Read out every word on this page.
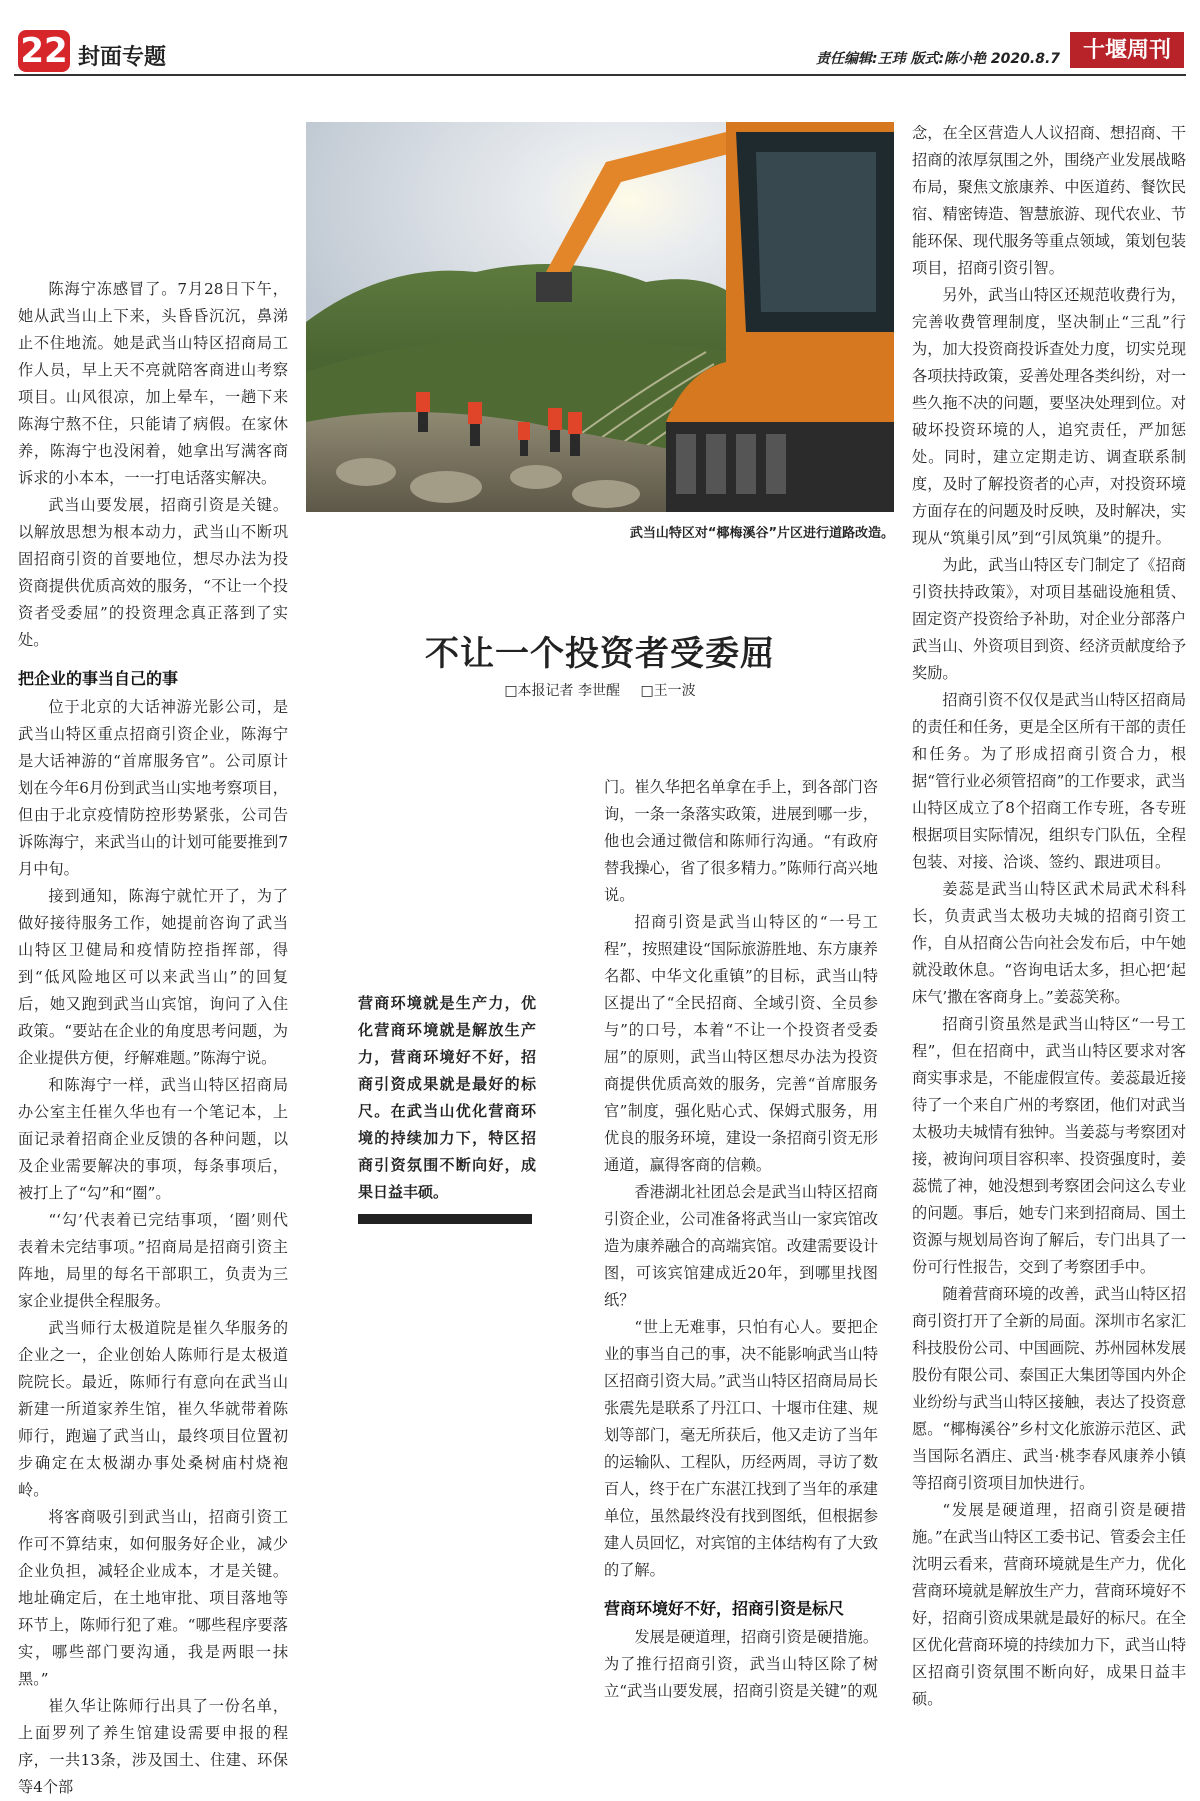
22 封面专题	责任编辑:王玮 版式:陈小艳 2020.8.7	十堰周刊

陈海宁冻感冒了。7月28日下午，她从武当山上下来，头昏昏沉沉，鼻涕止不住地流。她是武当山特区招商局工作人员，早上天不亮就陪客商进山考察项目。山风很凉，加上晕车，一趟下来陈海宁熬不住，只能请了病假。在家休养，陈海宁也没闲着，她拿出写满客商诉求的小本本，一一打电话落实解决。

武当山要发展，招商引资是关键。以解放思想为根本动力，武当山不断巩固招商引资的首要地位，想尽办法为投资商提供优质高效的服务，“不让一个投资者受委屈”的投资理念真正落到了实处。

把企业的事当自己的事

位于北京的大话神游光影公司，是武当山特区重点招商引资企业，陈海宁是大话神游的“首席服务官”。公司原计划在今年6月份到武当山实地考察项目，但由于北京疫情防控形势紧张，公司告诉陈海宁，来武当山的计划可能要推到7月中旬。

接到通知，陈海宁就忙开了，为了做好接待服务工作，她提前咨询了武当山特区卫健局和疫情防控指挥部，得到“低风险地区可以来武当山”的回复后，她又跑到武当山宾馆，询问了入住政策。“要站在企业的角度思考问题，为企业提供方便，纾解难题。”陈海宁说。

和陈海宁一样，武当山特区招商局办公室主任崔久华也有一个笔记本，上面记录着招商企业反馈的各种问题，以及企业需要解决的事项，每条事项后，被打上了“勾”和“圈”。

“‘勾’代表着已完结事项，‘圈’则代表着未完结事项。”招商局是招商引资主阵地，局里的每名干部职工，负责为三家企业提供全程服务。

武当师行太极道院是崔久华服务的企业之一，企业创始人陈师行是太极道院院长。最近，陈师行有意向在武当山新建一所道家养生馆，崔久华就带着陈师行，跑遍了武当山，最终项目位置初步确定在太极湖办事处桑树庙村烧袍岭。

将客商吸引到武当山，招商引资工作可不算结束，如何服务好企业，减少企业负担，减轻企业成本，才是关键。地址确定后，在土地审批、项目落地等环节上，陈师行犯了难。“哪些程序要落实，哪些部门要沟通，我是两眼一抹黑。”

崔久华让陈师行出具了一份名单，上面罗列了养生馆建设需要申报的程序，一共13条，涉及国土、住建、环保等4个部

武当山特区对“椰梅溪谷”片区进行道路改造。
不让一个投资者受委屈
□本报记者 李世醒 □王一波
营商环境就是生产力，优化营商环境就是解放生产力，营商环境好不好，招商引资成果就是最好的标尺。在武当山优化营商环境的持续加力下，特区招商引资氛围不断向好，成果日益丰硕。

门。崔久华把名单拿在手上，到各部门咨询，一条一条落实政策，进展到哪一步，他也会通过微信和陈师行沟通。“有政府替我操心，省了很多精力。”陈师行高兴地说。

招商引资是武当山特区的“一号工程”，按照建设“国际旅游胜地、东方康养名都、中华文化重镇”的目标，武当山特区提出了“全民招商、全域引资、全员参与”的口号，本着“不让一个投资者受委屈”的原则，武当山特区想尽办法为投资商提供优质高效的服务，完善“首席服务官”制度，强化贴心式、保姆式服务，用优良的服务环境，建设一条招商引资无形通道，赢得客商的信赖。

香港湖北社团总会是武当山特区招商引资企业，公司准备将武当山一家宾馆改造为康养融合的高端宾馆。改建需要设计图，可该宾馆建成近20年，到哪里找图纸？

“世上无难事，只怕有心人。要把企业的事当自己的事，决不能影响武当山特区招商引资大局。”武当山特区招商局局长张震先是联系了丹江口、十堰市住建、规划等部门，毫无所获后，他又走访了当年的运输队、工程队，历经两周，寻访了数百人，终于在广东湛江找到了当年的承建单位，虽然最终没有找到图纸，但根据参建人员回忆，对宾馆的主体结构有了大致的了解。

营商环境好不好，招商引资是标尺

发展是硬道理，招商引资是硬措施。为了推行招商引资，武当山特区除了树立“武当山要发展，招商引资是关键”的观

念，在全区营造人人议招商、想招商、干招商的浓厚氛围之外，围绕产业发展战略布局，聚焦文旅康养、中医道药、餐饮民宿、精密铸造、智慧旅游、现代农业、节能环保、现代服务等重点领域，策划包装项目，招商引资引智。

另外，武当山特区还规范收费行为，完善收费管理制度，坚决制止“三乱”行为，加大投资商投诉查处力度，切实兑现各项扶持政策，妥善处理各类纠纷，对一些久拖不决的问题，要坚决处理到位。对破坏投资环境的人，追究责任，严加惩处。同时，建立定期走访、调查联系制度，及时了解投资者的心声，对投资环境方面存在的问题及时反映，及时解决，实现从“筑巢引凤”到“引凤筑巢”的提升。

为此，武当山特区专门制定了《招商引资扶持政策》，对项目基础设施租赁、固定资产投资给予补助，对企业分部落户武当山、外资项目到资、经济贡献度给予奖励。

招商引资不仅仅是武当山特区招商局的责任和任务，更是全区所有干部的责任和任务。为了形成招商引资合力，根据“管行业必须管招商”的工作要求，武当山特区成立了8个招商工作专班，各专班根据项目实际情况，组织专门队伍，全程包装、对接、洽谈、签约、跟进项目。

姜蕊是武当山特区武术局武术科科长，负责武当太极功夫城的招商引资工作，自从招商公告向社会发布后，中午她就没敢休息。“咨询电话太多，担心把‘起床气’撒在客商身上。”姜蕊笑称。

招商引资虽然是武当山特区“一号工程”，但在招商中，武当山特区要求对客商实事求是，不能虚假宣传。姜蕊最近接待了一个来自广州的考察团，他们对武当太极功夫城情有独钟。当姜蕊与考察团对接，被询问项目容积率、投资强度时，姜蕊慌了神，她没想到考察团会问这么专业的问题。事后，她专门来到招商局、国土资源与规划局咨询了解后，专门出具了一份可行性报告，交到了考察团手中。

随着营商环境的改善，武当山特区招商引资打开了全新的局面。深圳市名家汇科技股份公司、中国画院、苏州园林发展股份有限公司、泰国正大集团等国内外企业纷纷与武当山特区接触，表达了投资意愿。“椰梅溪谷”乡村文化旅游示范区、武当国际名酒庄、武当·桃李春风康养小镇等招商引资项目加快进行。

“发展是硬道理，招商引资是硬措施。”在武当山特区工委书记、管委会主任沈明云看来，营商环境就是生产力，优化营商环境就是解放生产力，营商环境好不好，招商引资成果就是最好的标尺。在全区优化营商环境的持续加力下，武当山特区招商引资氛围不断向好，成果日益丰硕。
